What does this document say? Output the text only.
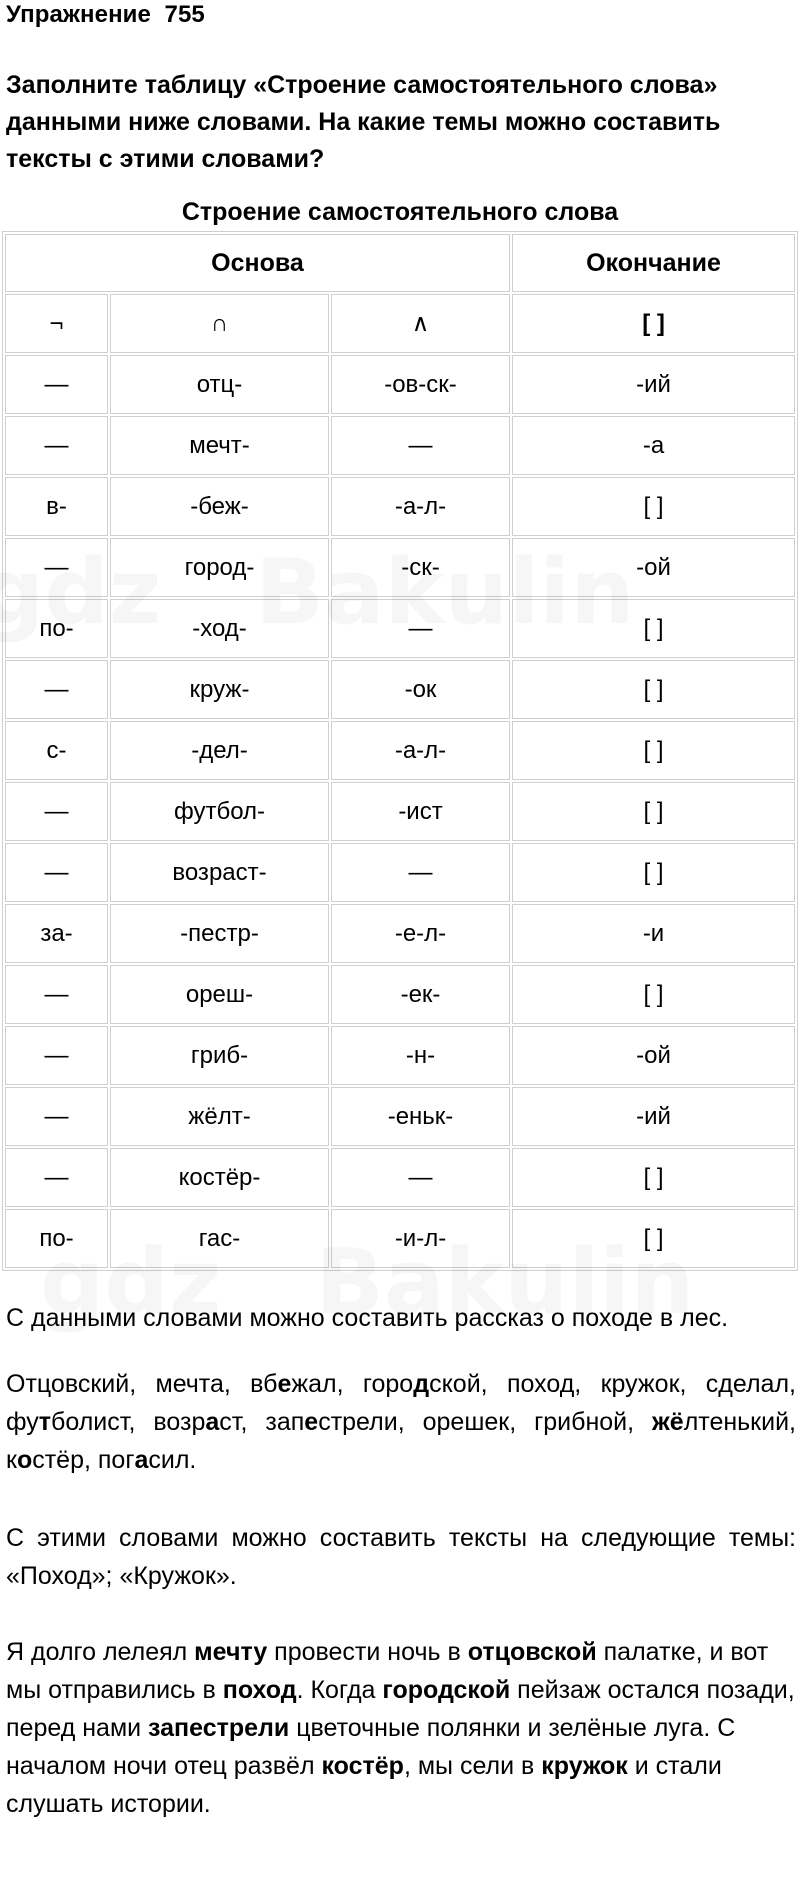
Упражнение 755
Заполните таблицу «Строение самостоятельного слова» данными ниже словами. На какие темы можно составить тексты с этими словами?
Строение самостоятельного слова
Основа			Окончание
¬	∩	∧	[ ]
—	отц-	-ов-ск-	-ий
—	мечт-	—	-а
в-	-беж-	-а-л-	[ ]
—	город-	-ск-	-ой
по-	-ход-	—	[ ]
—	круж-	-ок	[ ]
с-	-дел-	-а-л-	[ ]
—	футбол-	-ист	[ ]
—	возраст-	—	[ ]
за-	-пестр-	-е-л-	-и
—	ореш-	-ек-	[ ]
—	гриб-	-н-	-ой
—	жёлт-	-еньк-	-ий
—	костёр-	—	[ ]
по-	гас-	-и-л-	[ ]

С данными словами можно составить рассказ о походе в лес.

Отцовский, мечта, вбежал, городской, поход, кружок, сделал, футболист, возраст, запестрели, орешек, грибной, жёлтенький, костёр, погасил.

С этими словами можно составить тексты на следующие темы: «Поход»; «Кружок».

Я долго лелеял мечту провести ночь в отцовской палатке, и вот мы отправились в поход. Когда городской пейзаж остался позади, перед нами запестрели цветочные полянки и зелёные луга. С началом ночи отец развёл костёр, мы сели в кружок и стали слушать истории.
